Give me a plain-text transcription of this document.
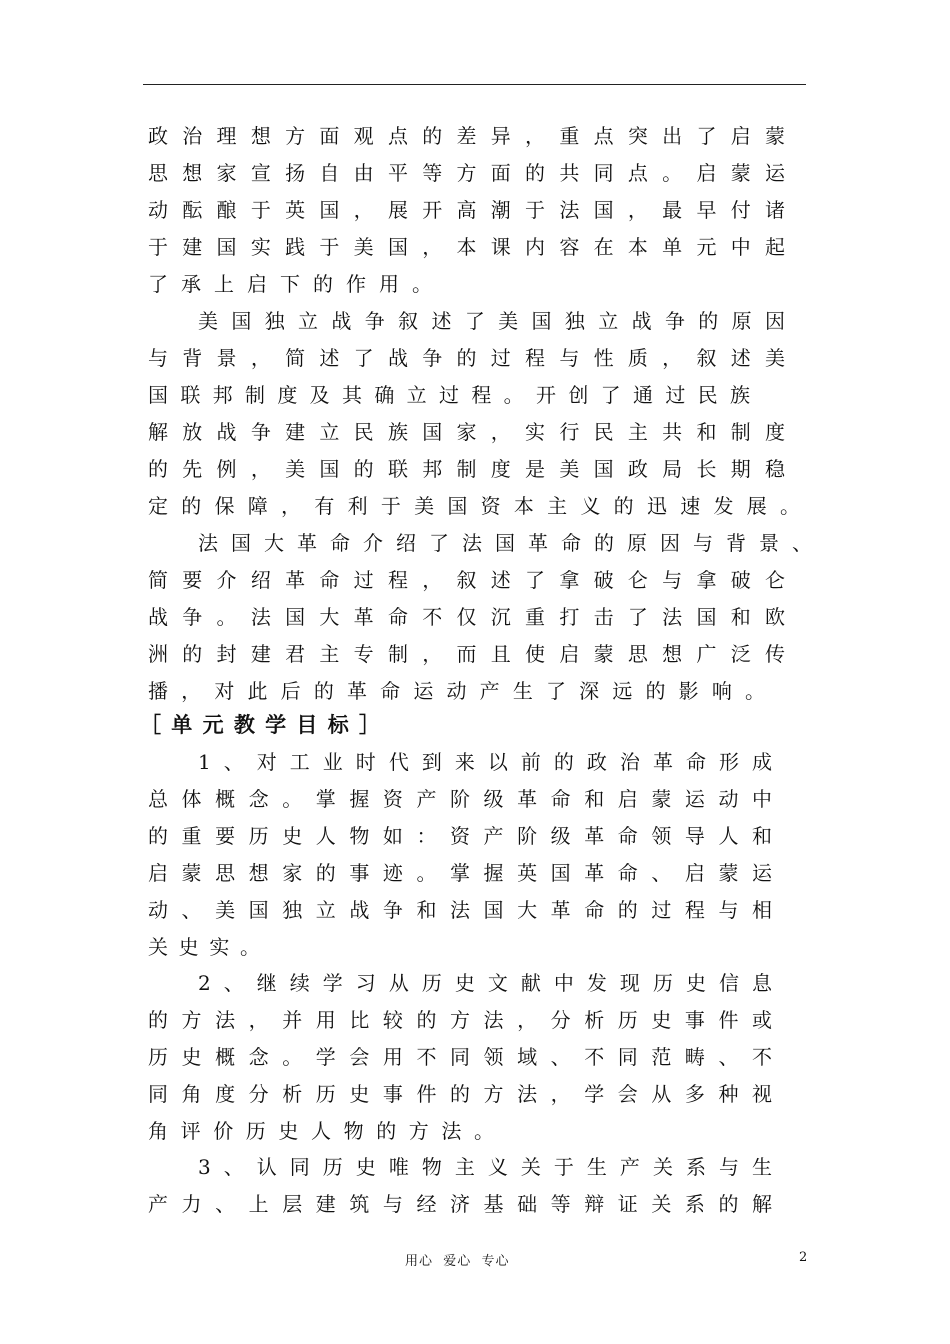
政治理想方面观点的差异，重点突出了启蒙
思想家宣扬自由平等方面的共同点。启蒙运
动酝酿于英国，展开高潮于法国，最早付诸
于建国实践于美国，本课内容在本单元中起
了承上启下的作用。
美国独立战争叙述了美国独立战争的原因
与背景，简述了战争的过程与性质，叙述美
国联邦制度及其确立过程。开创了通过民族
解放战争建立民族国家，实行民主共和制度
的先例，美国的联邦制度是美国政局长期稳
定的保障，有利于美国资本主义的迅速发展。
法国大革命介绍了法国革命的原因与背景、
简要介绍革命过程，叙述了拿破仑与拿破仑
战争。法国大革命不仅沉重打击了法国和欧
洲的封建君主专制，而且使启蒙思想广泛传
播，对此后的革命运动产生了深远的影响。
［单元教学目标］
1、对工业时代到来以前的政治革命形成
总体概念。掌握资产阶级革命和启蒙运动中
的重要历史人物如：资产阶级革命领导人和
启蒙思想家的事迹。掌握英国革命、启蒙运
动、美国独立战争和法国大革命的过程与相
关史实。
2、继续学习从历史文献中发现历史信息
的方法，并用比较的方法，分析历史事件或
历史概念。学会用不同领域、不同范畴、不
同角度分析历史事件的方法，学会从多种视
角评价历史人物的方法。
3、认同历史唯物主义关于生产关系与生
产力、上层建筑与经济基础等辩证关系的解
用心  爱心  专心	2
